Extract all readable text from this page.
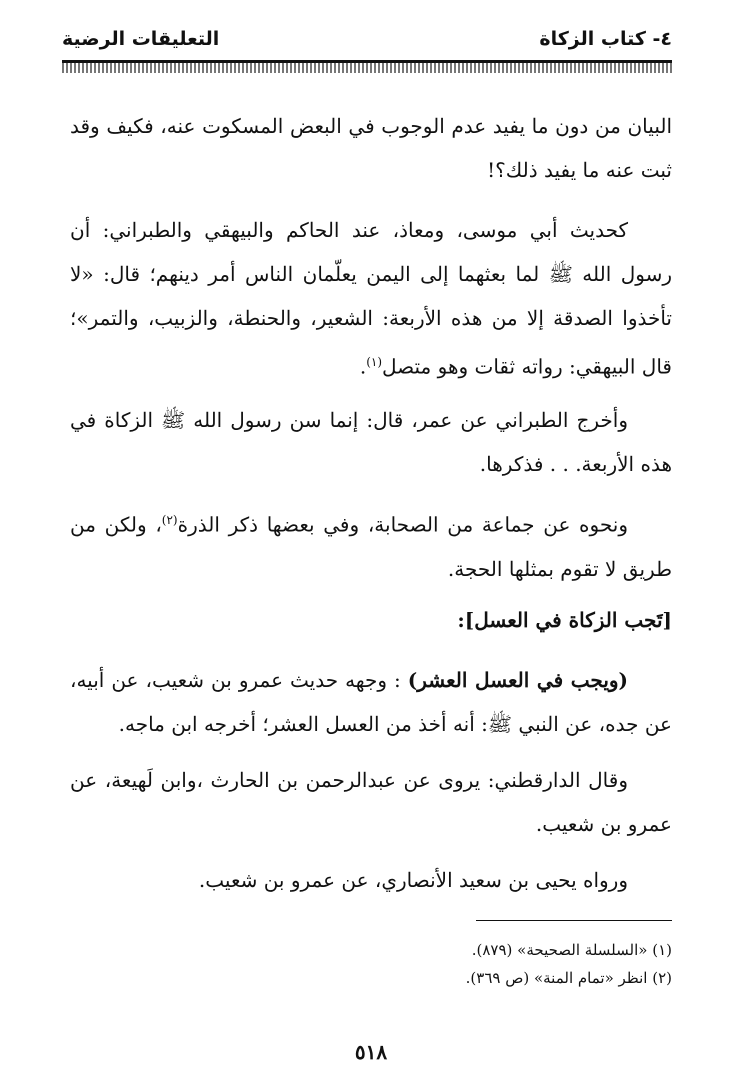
٤- كتاب الزكاة
التعليقات الرضية
البيان من دون ما يفيد عدم الوجوب في البعض المسكوت عنه، فكيف وقد ثبت عنه ما يفيد ذلك؟!
كحديث أبي موسى، ومعاذ، عند الحاكم والبيهقي والطبراني: أن رسول الله ﷺ لما بعثهما إلى اليمن يعلّمان الناس أمر دينهم؛ قال: «لا تأخذوا الصدقة إلا من هذه الأربعة: الشعير، والحنطة، والزبيب، والتمر»؛ قال البيهقي: رواته ثقات وهو متصل$^{(١)}$.
وأخرج الطبراني عن عمر، قال: إنما سن رسول الله ﷺ الزكاة في هذه الأربعة. . . فذكرها.
ونحوه عن جماعة من الصحابة، وفي بعضها ذكر الذرة$^{(٢)}$، ولكن من طريق لا تقوم بمثلها الحجة.
[تَجب الزكاة في العسل]:
(ويجب في العسل العشر) : وجهه حديث عمرو بن شعيب، عن أبيه، عن جده، عن النبي ﷺ: أنه أخذ من العسل العشر؛ أخرجه ابن ماجه.
وقال الدارقطني: يروى عن عبدالرحمن بن الحارث ،وابن لَهيعة، عن عمرو بن شعيب.
ورواه يحيى بن سعيد الأنصاري، عن عمرو بن شعيب.
(١) «السلسلة الصحيحة» (٨٧٩).
(٢) انظر «تمام المنة» (ص ٣٦٩).
٥١٨
